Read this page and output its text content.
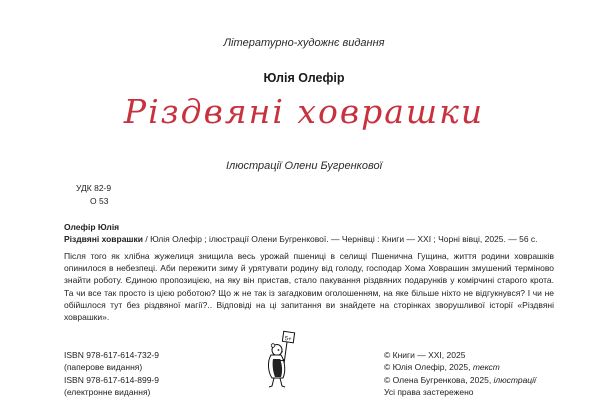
Літературно-художнє видання
Юлія Олефір
Різдвяні ховрашки
Ілюстрації Олени Бугренкової
УДК 82-9
О 53
Олефір Юлія
Різдвяні ховрашки / Юлія Олефір ; ілюстрації Олени Бугренкової. — Чернівці : Книги — ХХІ ; Чорні вівці, 2025. — 56 с.
Після того як хлібна жужелиця знищила весь урожай пшениці в селищі Пшенична Гущина, життя родини ховрашків опинилося в небезпеці. Аби пережити зиму й урятувати родину від голоду, господар Хома Ховрашин змушений терміново знайти роботу. Єдиною пропозицією, на яку він пристав, стало пакування різдвяних подарунків у комірчині старого крота. Та чи все так просто із цією роботою? Що ж не так із загадковим оголошенням, на яке більше ніхто не відгукнувся? І чи не обійшлося тут без різдвяної магії?.. Відповіді на ці запитання ви знайдете на сторінках зворушливої історії «Різдвяні ховрашки».
ISBN 978-617-614-732-9
(паперове видання)
ISBN 978-617-614-899-9
(електронне видання)
© Книги — ХХІ, 2025
© Юлія Олефір, 2025, текст
© Олена Бугренкова, 2025, ілюстрації
Усі права застережено
5+
